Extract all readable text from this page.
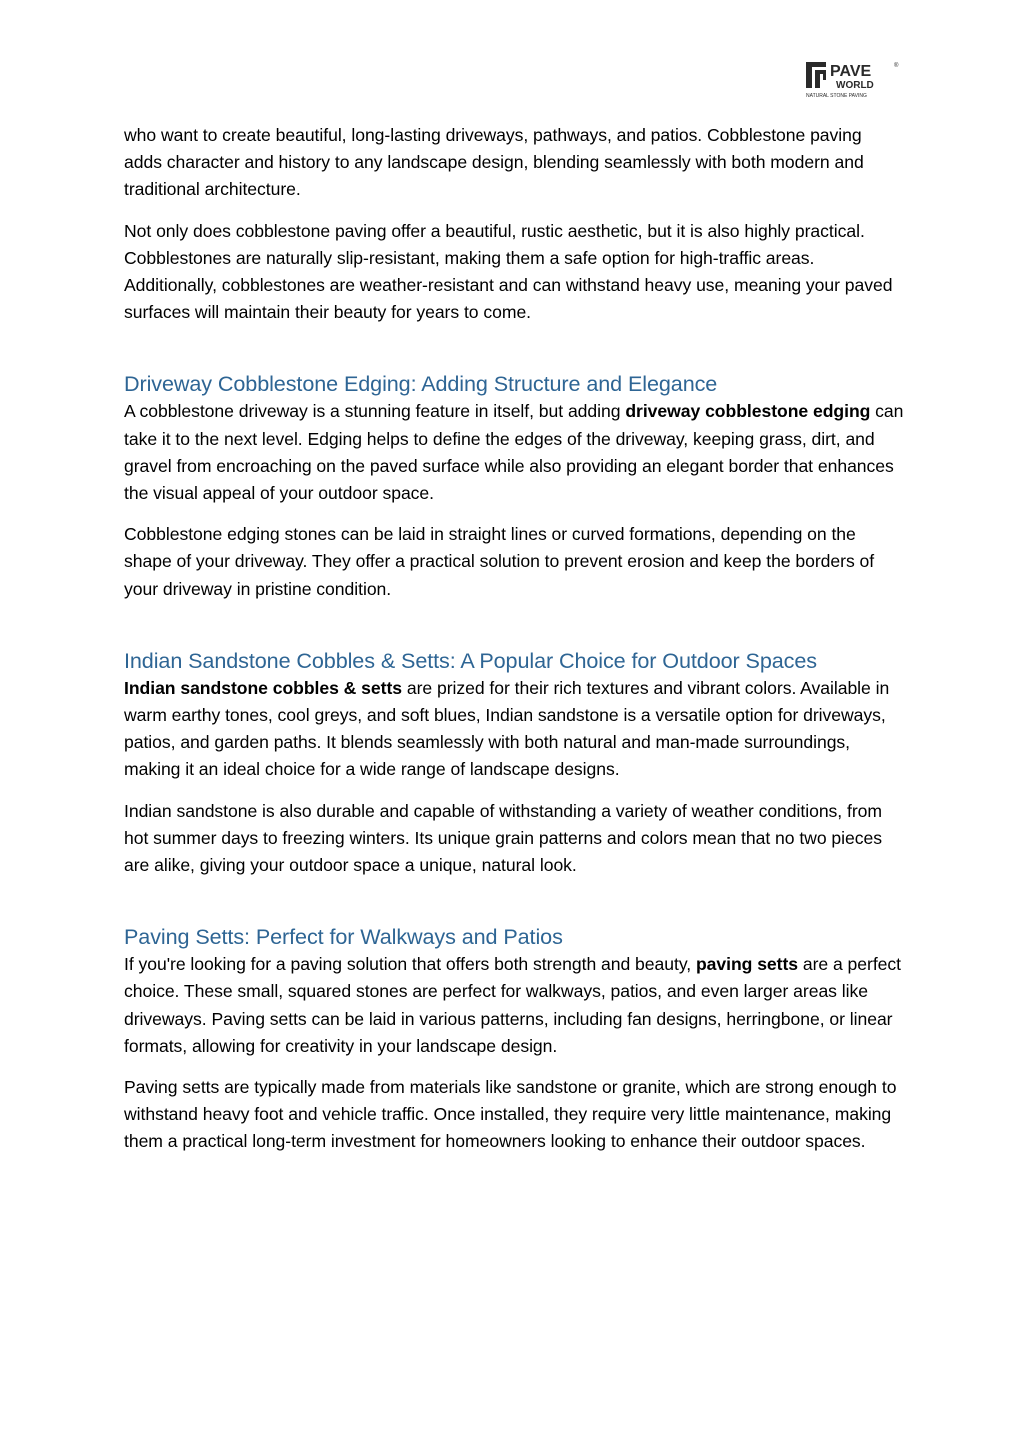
PAVE	®
WORLD
NATURAL STONE PAVING

who want to create beautiful, long-lasting driveways, pathways, and patios. Cobblestone paving adds character and history to any landscape design, blending seamlessly with both modern and traditional architecture.

Not only does cobblestone paving offer a beautiful, rustic aesthetic, but it is also highly practical. Cobblestones are naturally slip-resistant, making them a safe option for high-traffic areas. Additionally, cobblestones are weather-resistant and can withstand heavy use, meaning your paved surfaces will maintain their beauty for years to come.

Driveway Cobblestone Edging: Adding Structure and Elegance

A cobblestone driveway is a stunning feature in itself, but adding driveway cobblestone edging can take it to the next level. Edging helps to define the edges of the driveway, keeping grass, dirt, and gravel from encroaching on the paved surface while also providing an elegant border that enhances the visual appeal of your outdoor space.

Cobblestone edging stones can be laid in straight lines or curved formations, depending on the shape of your driveway. They offer a practical solution to prevent erosion and keep the borders of your driveway in pristine condition.

Indian Sandstone Cobbles & Setts: A Popular Choice for Outdoor Spaces

Indian sandstone cobbles & setts are prized for their rich textures and vibrant colors. Available in warm earthy tones, cool greys, and soft blues, Indian sandstone is a versatile option for driveways, patios, and garden paths. It blends seamlessly with both natural and man-made surroundings, making it an ideal choice for a wide range of landscape designs.

Indian sandstone is also durable and capable of withstanding a variety of weather conditions, from hot summer days to freezing winters. Its unique grain patterns and colors mean that no two pieces are alike, giving your outdoor space a unique, natural look.

Paving Setts: Perfect for Walkways and Patios

If you're looking for a paving solution that offers both strength and beauty, paving setts are a perfect choice. These small, squared stones are perfect for walkways, patios, and even larger areas like driveways. Paving setts can be laid in various patterns, including fan designs, herringbone, or linear formats, allowing for creativity in your landscape design.

Paving setts are typically made from materials like sandstone or granite, which are strong enough to withstand heavy foot and vehicle traffic. Once installed, they require very little maintenance, making them a practical long-term investment for homeowners looking to enhance their outdoor spaces.
